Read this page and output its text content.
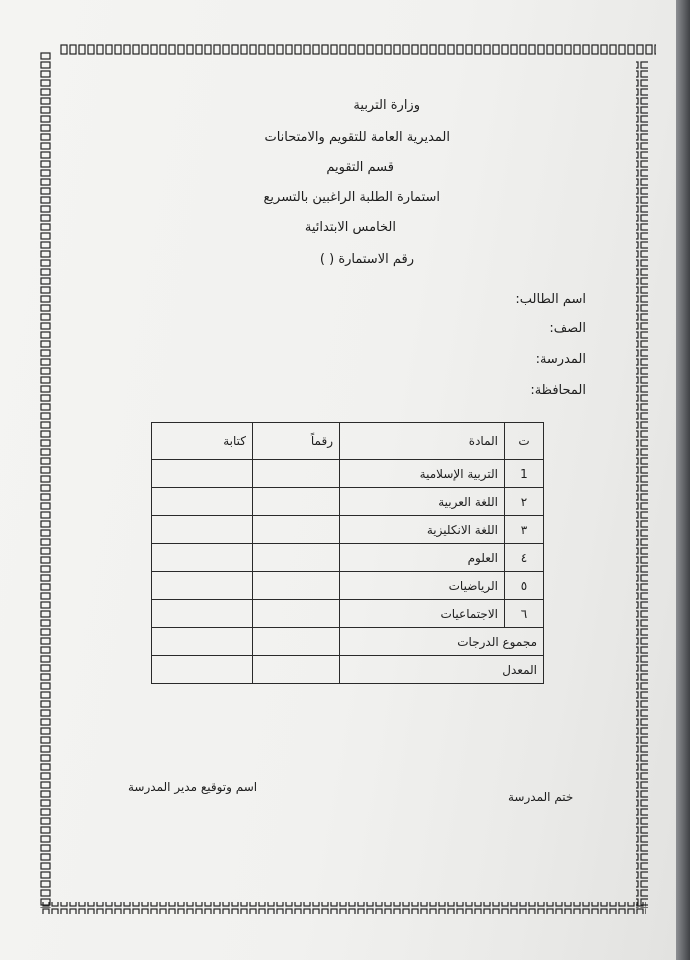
وزارة التربية
المديرية العامة للتقويم والامتحانات
قسم التقويم
استمارة الطلبة الراغبين بالتسريع
الخامس الابتدائية
رقم الاستمارة ( )
اسم الطالب:
الصف:
المدرسة:
المحافظة:
ت	المادة	رقماً	كتابة
1	التربية الإسلامية		
٢	اللغة العربية		
٣	اللغة الانكليزية		
٤	العلوم		
٥	الرياضيات		
٦	الاجتماعيات		
مجموع الدرجات			
المعدل			
اسم وتوقيع مدير المدرسة
ختم المدرسة
